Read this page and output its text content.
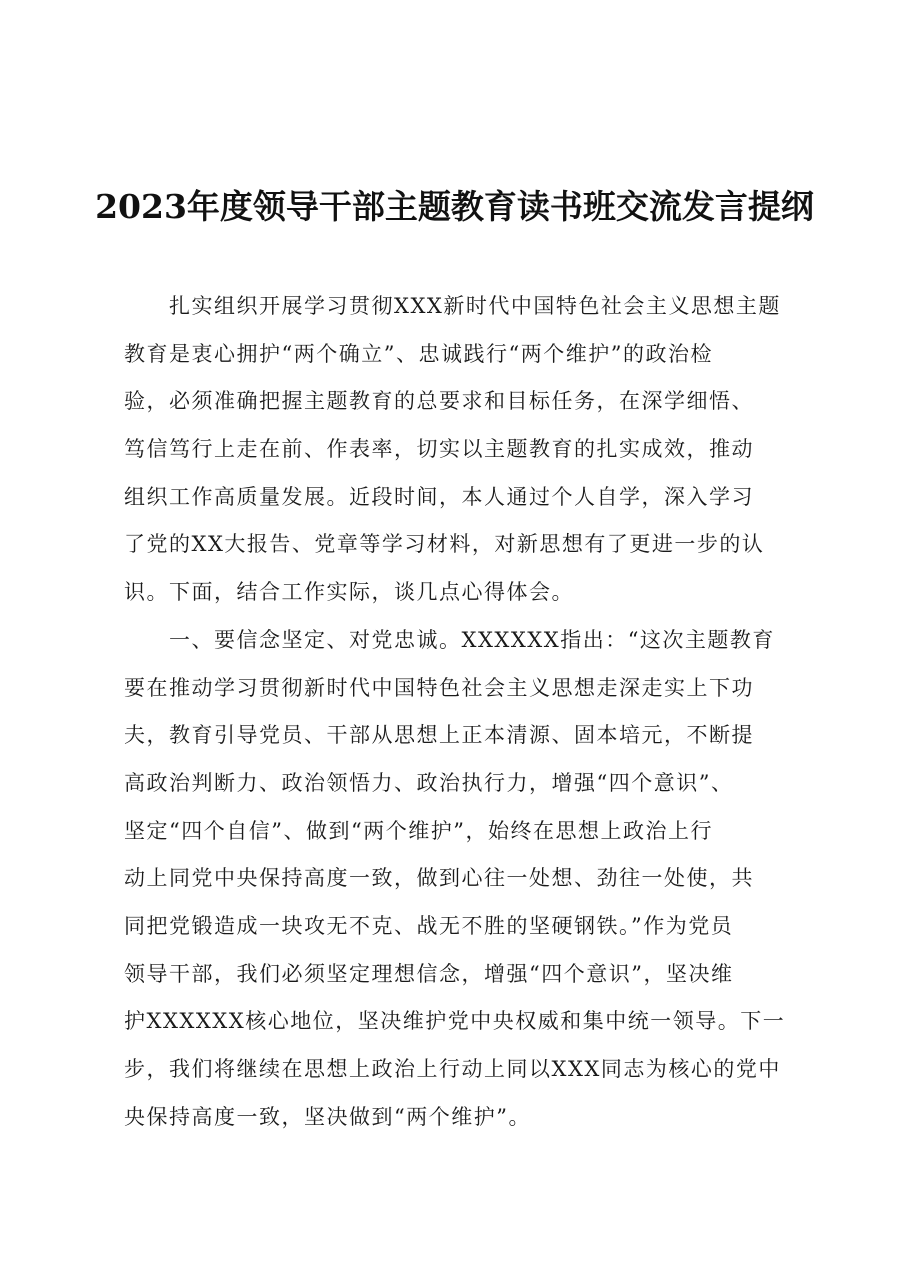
2023年度领导干部主题教育读书班交流发言提纲
　　扎实组织开展学习贯彻XXX新时代中国特色社会主义思想主题
教育是衷心拥护“两个确立”、忠诚践行“两个维护”的政治检
验，必须准确把握主题教育的总要求和目标任务，在深学细悟、
笃信笃行上走在前、作表率，切实以主题教育的扎实成效，推动
组织工作高质量发展。近段时间，本人通过个人自学，深入学习
了党的XX大报告、党章等学习材料，对新思想有了更进一步的认
识。下面，结合工作实际，谈几点心得体会。
　　一、要信念坚定、对党忠诚。XXXXXX指出：“这次主题教育
要在推动学习贯彻新时代中国特色社会主义思想走深走实上下功
夫，教育引导党员、干部从思想上正本清源、固本培元，不断提
高政治判断力、政治领悟力、政治执行力，增强“四个意识”、
坚定“四个自信”、做到“两个维护”，始终在思想上政治上行
动上同党中央保持高度一致，做到心往一处想、劲往一处使，共
同把党锻造成一块攻无不克、战无不胜的坚硬钢铁。”作为党员
领导干部，我们必须坚定理想信念，增强“四个意识”，坚决维
护XXXXXX核心地位，坚决维护党中央权威和集中统一领导。下一
步，我们将继续在思想上政治上行动上同以XXX同志为核心的党中
央保持高度一致，坚决做到“两个维护”。
